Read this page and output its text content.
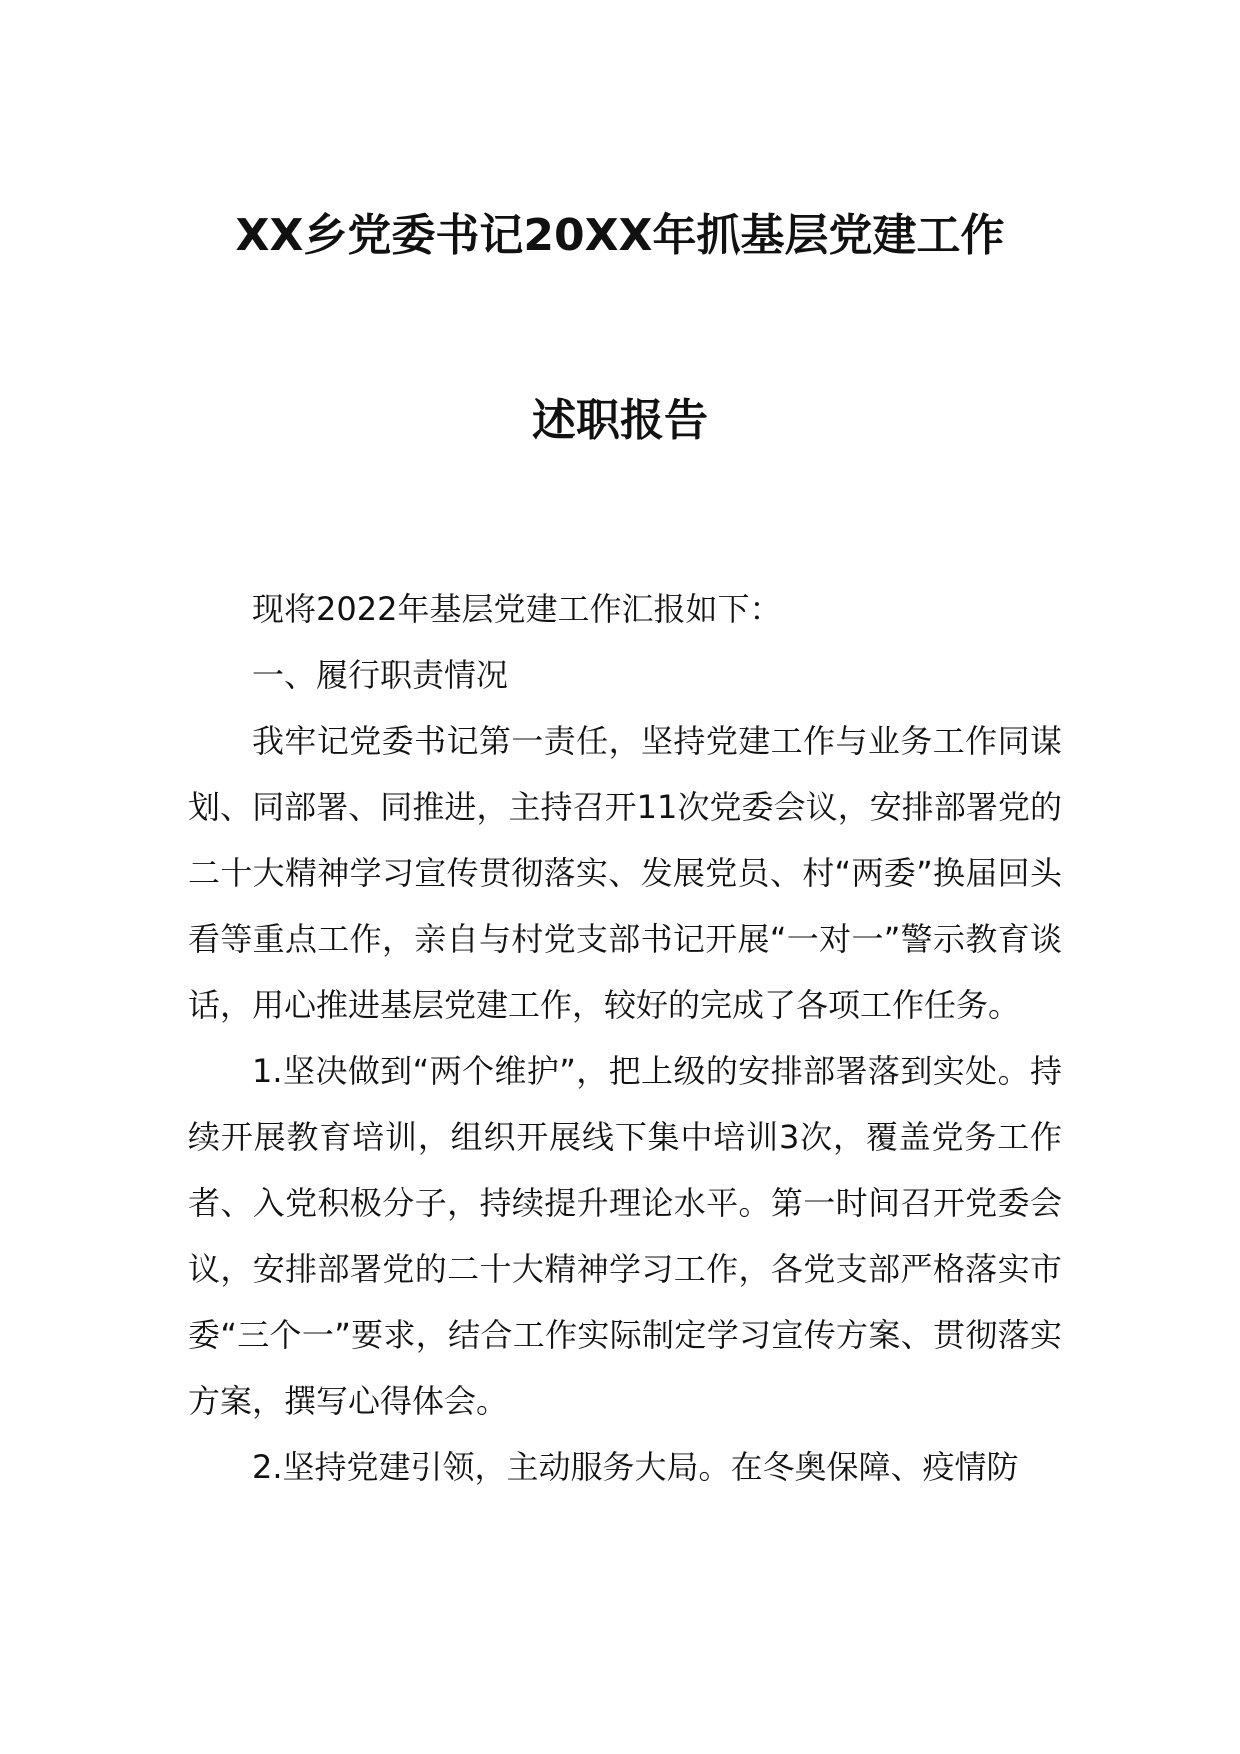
XX乡党委书记20XX年抓基层党建工作
述职报告

现将2022年基层党建工作汇报如下：

一、履行职责情况

我牢记党委书记第一责任，坚持党建工作与业务工作同谋划、同部署、同推进，主持召开11次党委会议，安排部署党的二十大精神学习宣传贯彻落实、发展党员、村“两委”换届回头看等重点工作，亲自与村党支部书记开展“一对一”警示教育谈话，用心推进基层党建工作，较好的完成了各项工作任务。

1.坚决做到“两个维护”，把上级的安排部署落到实处。持续开展教育培训，组织开展线下集中培训3次，覆盖党务工作者、入党积极分子，持续提升理论水平。第一时间召开党委会议，安排部署党的二十大精神学习工作，各党支部严格落实市委“三个一”要求，结合工作实际制定学习宣传方案、贯彻落实方案，撰写心得体会。

2.坚持党建引领，主动服务大局。在冬奥保障、疫情防
